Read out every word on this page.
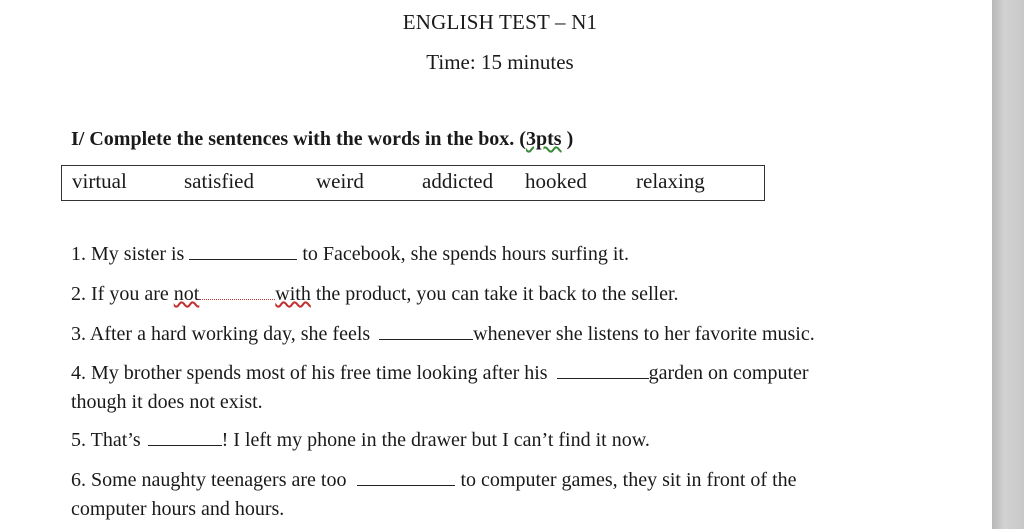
ENGLISH TEST – N1
Time: 15 minutes
I/ Complete the sentences with the words in the box. (3pts )
virtual	satisfied	weird	addicted hooked relaxing
1. My sister is	to Facebook, she spends hours surfing it.
2. If you are not	with the product, you can take it back to the seller.
3. After a hard working day, she feels	whenever she listens to her favorite music.
4. My brother spends most of his free time looking after his	garden on computer
though it does not exist.
5. That’s	! I left my phone in the drawer but I can’t find it now.
6. Some naughty teenagers are too	to computer games, they sit in front of the
computer hours and hours.
